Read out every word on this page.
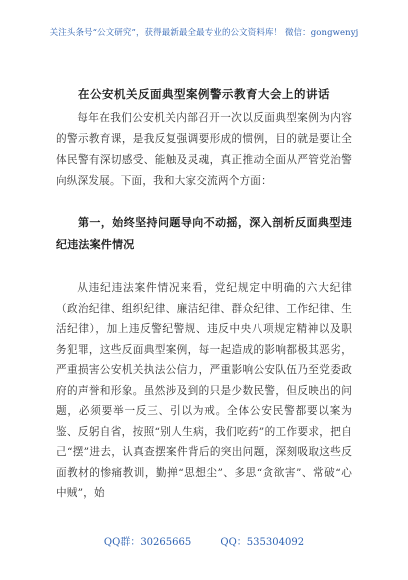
关注头条号“公文研究”，获得最新最全最专业的公文资料库！ 微信：gongwenyj
在公安机关反面典型案例警示教育大会上的讲话

每年在我们公安机关内部召开一次以反面典型案例为内容的警示教育课，是我反复强调要形成的惯例，目的就是要让全体民警有深切感受、能触及灵魂，真正推动全面从严管党治警向纵深发展。下面，我和大家交流两个方面：

第一，始终坚持问题导向不动摇，深入剖析反面典型违纪违法案件情况

从违纪违法案件情况来看，党纪规定中明确的六大纪律（政治纪律、组织纪律、廉洁纪律、群众纪律、工作纪律、生活纪律），加上违反警纪警规、违反中央八项规定精神以及职务犯罪，这些反面典型案例，每一起造成的影响都极其恶劣，严重损害公安机关执法公信力，严重影响公安队伍乃至党委政府的声誉和形象。虽然涉及到的只是少数民警，但反映出的问题，必须要举一反三、引以为戒。全体公安民警都要以案为鉴、反躬自省，按照“别人生病，我们吃药”的工作要求，把自己“摆”进去，认真查摆案件背后的突出问题，深刻吸取这些反面教材的惨痛教训，勤掸“思想尘”、多思“贪欲害”、常破“心中贼”，始

QQ群：30265665	QQ：535304092
